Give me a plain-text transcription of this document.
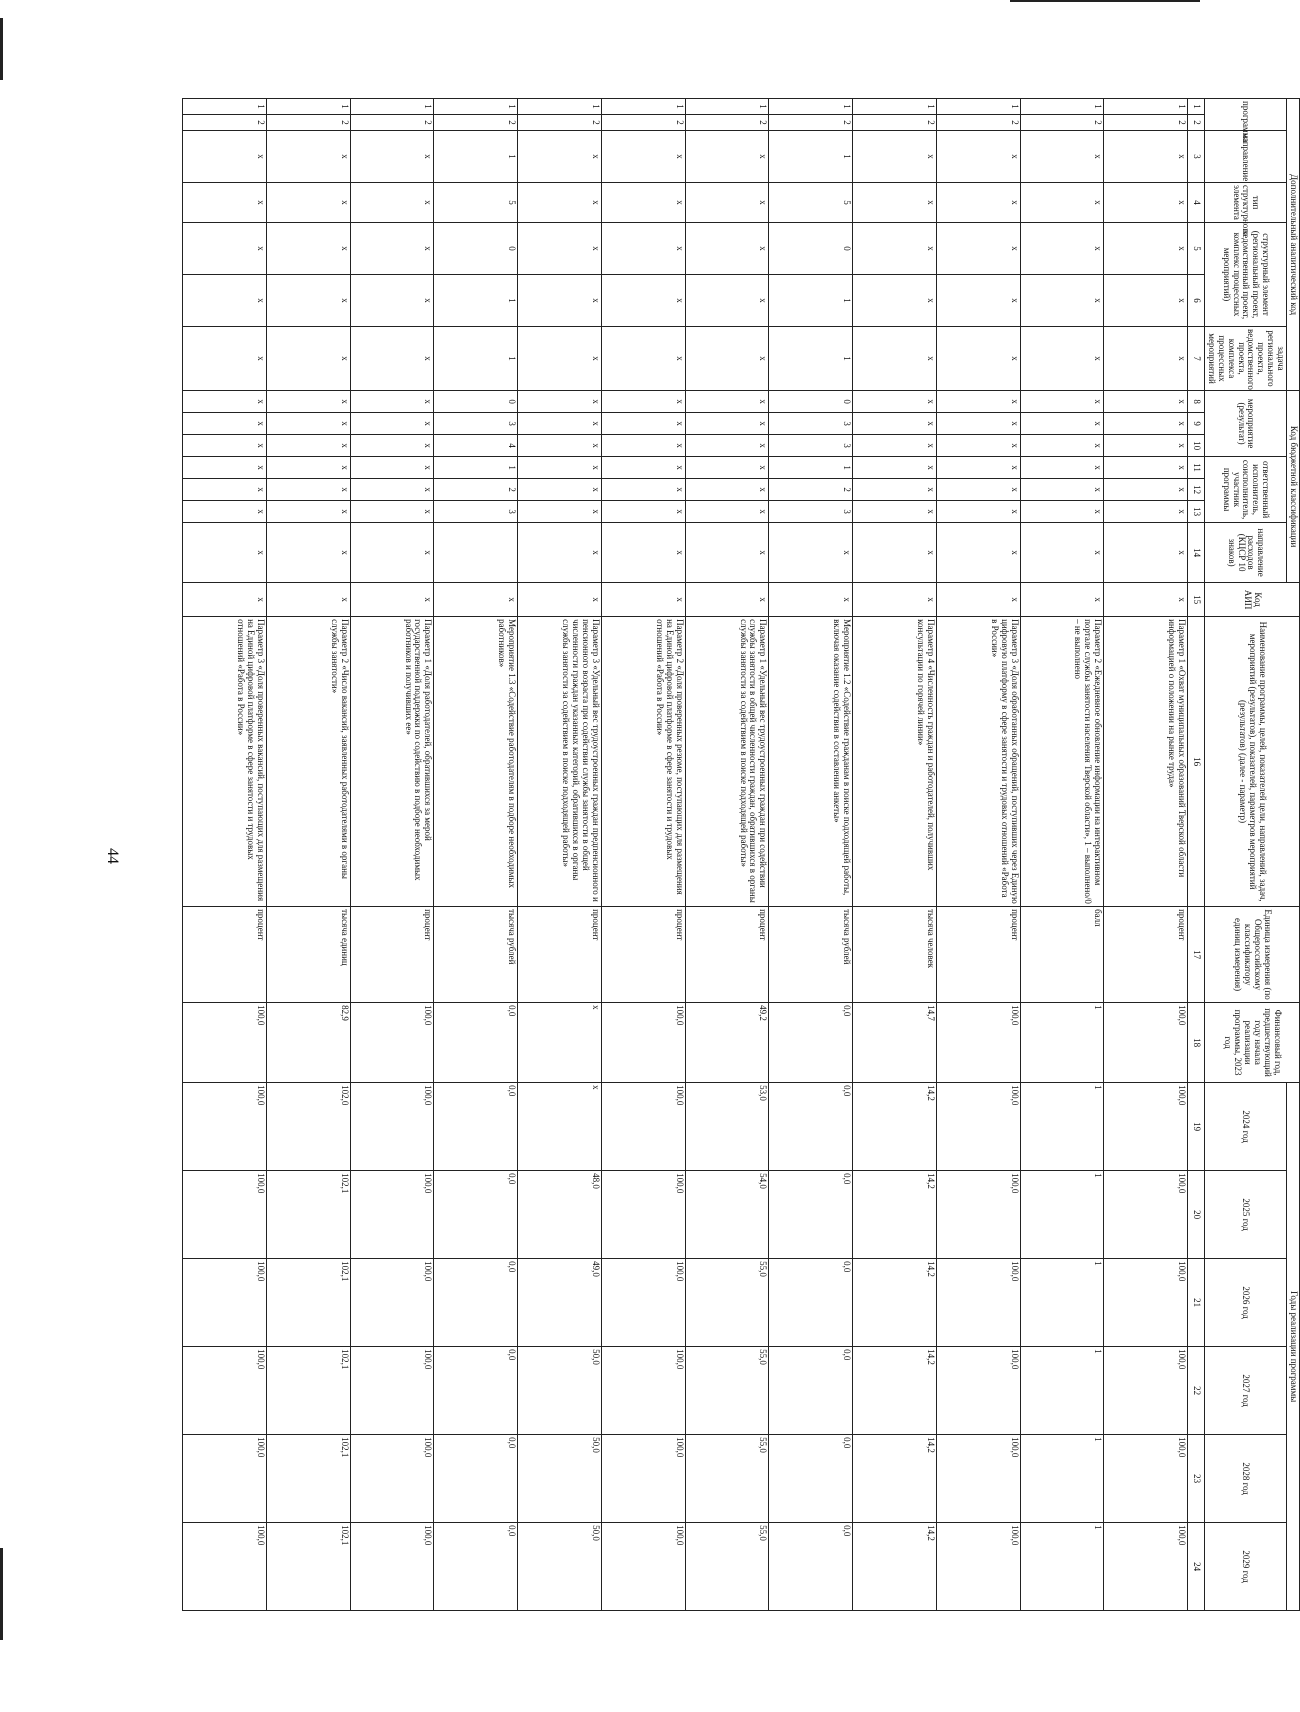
44
Дополнительный аналитический код							Код бюджетной классификации							Код АИП	Наименование программы, целей, показателей цели, направлений, задач, мероприятий (результатов), показателей, параметров мероприятий (результатов) (далее - параметр)	Единица измерения (по Общероссийскому классификатору единиц измерения)	Финансовый год, предшествующий году начала реализации программы, 2023 год	Годы реализации программы					
программа		направление	тип структурного элемента	структурный элемент (региональный проект, ведомственный проект, комплекс процессных мероприятий)		задача регионального проекта, ведомственного проекта, комплекса процессных мероприятий	мероприятие (результат)			ответственный исполнитель, соисполнитель, участник программы			направление расходов (КЦСР 10 знаков)					2024 год	2025 год	2026 год	2027 год	2028 год	2029 год
1	2	3	4	5	6	7	8	9	10	11	12	13	14	15	16	17	18	19	20	21	22	23	24
1	2	x	x	x	x	x	x	x	x	x	x	x	x	x	Параметр 1 «Охват муниципальных образований Тверской области информацией о положении на рынке труда»	процент	100,0	100,0	100,0	100,0	100,0	100,0	100,0
1	2	x	x	x	x	x	x	x	x	x	x	x	x	x	Параметр 2 «Ежедневное обновление информации на интерактивном портале службы занятости населения Тверской области», 1 – выполнено/0 – не выполнено	балл	1	1	1	1	1	1	1
1	2	x	x	x	x	x	x	x	x	x	x	x	x	x	Параметр 3 «Доля обработанных обращений, поступивших через Единую цифровую платформу в сфере занятости и трудовых отношений «Работа в России»	процент	100,0	100,0	100,0	100,0	100,0	100,0	100,0
1	2	x	x	x	x	x	x	x	x	x	x	x	x	x	Параметр 4 «Численность граждан и работодателей, получивших консультации по горячей линии»	тысяча человек	14,7	14,2	14,2	14,2	14,2	14,2	14,2
1	2	1	5	0	1	1	0	3	3	1	2	3	x	x	Мероприятие 1.2 «Содействие гражданам в поиске подходящей работы, включая оказание содействия в составлении анкеты»	тысяча рублей	0,0	0,0	0,0	0,0	0,0	0,0	0,0
1	2	x	x	x	x	x	x	x	x	x	x	x	x	x	Параметр 1 «Удельный вес трудоустроенных граждан при содействии службы занятости в общей численности граждан, обратившихся в органы службы занятости за содействием в поиске подходящей работы»	процент	49,2	53,0	54,0	55,0	55,0	55,0	55,0
1	2	x	x	x	x	x	x	x	x	x	x	x	x	x	Параметр 2 «Доля проверенных резюме, поступающих для размещения на Единой цифровой платформе в сфере занятости и трудовых отношений «Работа в России»	процент	100,0	100,0	100,0	100,0	100,0	100,0	100,0
1	2	x	x	x	x	x	x	x	x	x	x	x	x	x	Параметр 3 «Удельный вес трудоустроенных граждан предпенсионного и пенсионного возраста при содействии службы занятости в общей численности граждан указанных категорий, обратившихся в органы службы занятости за содействием в поиске подходящей работы»	процент	x	x	48,0	49,0	50,0	50,0	50,0
1	2	1	5	0	1	1	0	3	4	1	2	3		x	Мероприятие 1.3 «Содействие работодателям в подборе необходимых работников»	тысяча рублей	0,0	0,0	0,0	0,0	0,0	0,0	0,0
1	2	x	x	x	x	x	x	x	x	x	x	x	x	x	Параметр 1 «Доля работодателей, обратившихся за мерой государственной поддержки по содействию в подборе необходимых работников и получивших ее»	процент	100,0	100,0	100,0	100,0	100,0	100,0	100,0
1	2	x	x	x	x	x	x	x	x	x	x	x	x	x	Параметр 2 «Число вакансий, заявленных работодателями в органы службы занятости»	тысяча единиц	82,9	102,0	102,1	102,1	102,1	102,1	102,1
1	2	x	x	x	x	x	x	x	x	x	x	x	x	x	Параметр 3 «Доля проверенных вакансий, поступающих для размещения на Единой цифровой платформе в сфере занятости и трудовых отношений «Работа в России»	процент	100,0	100,0	100,0	100,0	100,0	100,0	100,0
